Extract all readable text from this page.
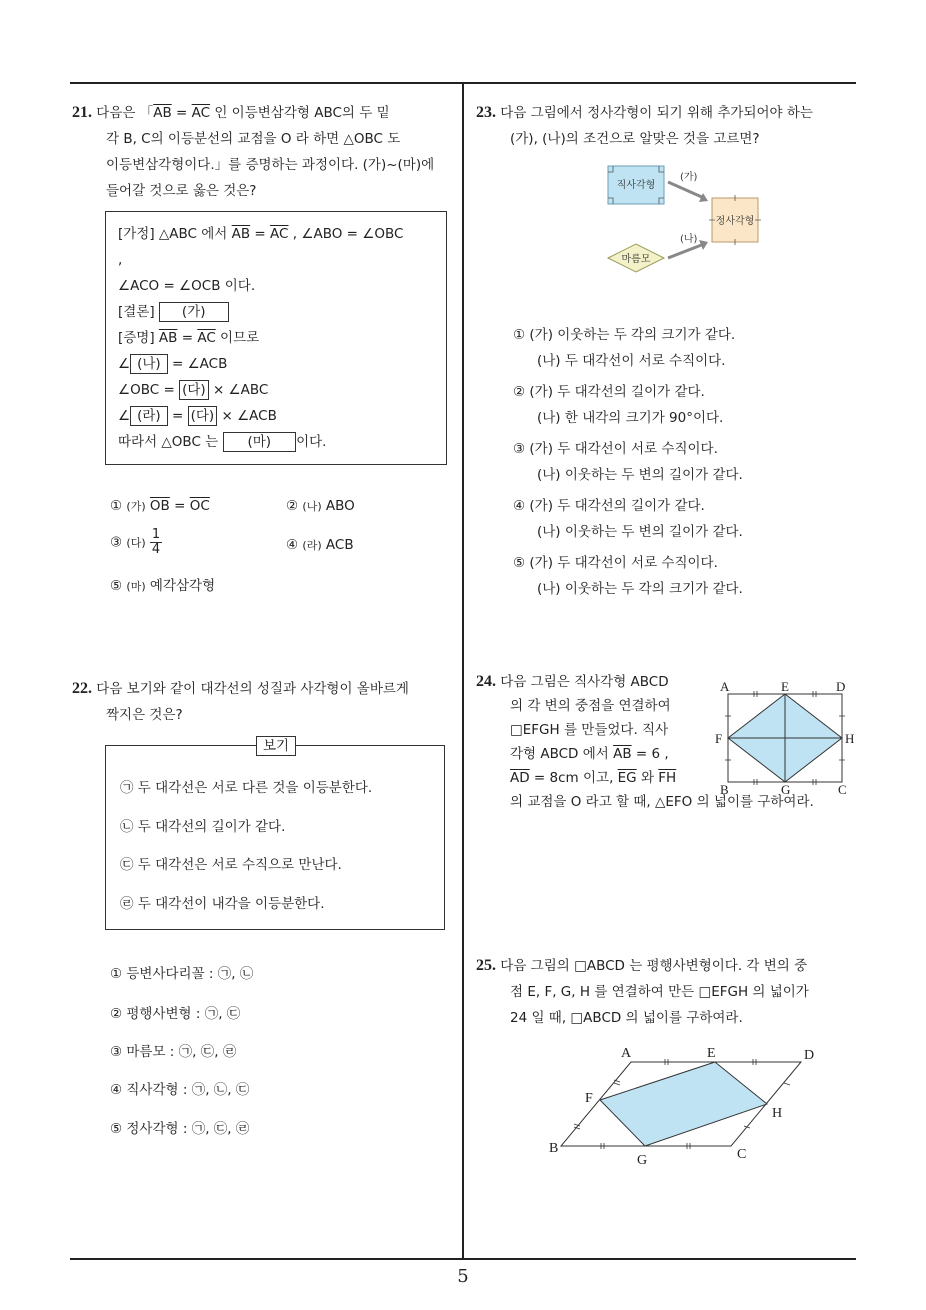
21. 다음은 「$\overline{AB} = \overline{AC}$ 인 이등변삼각형 ABC의 두 밑
각 B, C의 이등분선의 교점을 O 라 하면 △OBC 도
이등변삼각형이다.」를 증명하는 과정이다. (가)~(마)에
들어갈 것으로 옳은 것은?
[가정] △ABC 에서 $\overline{AB} = \overline{AC}$ , ∠ABO = ∠OBC
,
∠ACO = ∠OCB 이다.
[결론] (가)
[증명] $\overline{AB} = \overline{AC}$ 이므로
∠ (나) = ∠ACB
∠OBC = (다) × ∠ABC
∠ (라) = (다) × ∠ACB
따라서 △OBC 는 (마) 이다.
① (가) $\overline{OB} = \overline{OC}$	② (나) ABO
③ (다) $\frac{1}{4}$	④ (라) ACB
⑤ (마) 예각삼각형
22. 다음 보기와 같이 대각선의 성질과 사각형이 올바르게
짝지은 것은?
보기
㉠ 두 대각선은 서로 다른 것을 이등분한다.
㉡ 두 대각선의 길이가 같다.
㉢ 두 대각선은 서로 수직으로 만난다.
㉣ 두 대각선이 내각을 이등분한다.
① 등변사다리꼴 : ㉠, ㉡
② 평행사변형 : ㉠, ㉢
③ 마름모 : ㉠, ㉢, ㉣
④ 직사각형 : ㉠, ㉡, ㉢
⑤ 정사각형 : ㉠, ㉢, ㉣
23. 다음 그림에서 정사각형이 되기 위해 추가되어야 하는
(가), (나)의 조건으로 알맞은 것을 고르면?
직사각형
정사각형
마름모
(가)
(나)
① (가) 이웃하는 두 각의 크기가 같다.
(나) 두 대각선이 서로 수직이다.
② (가) 두 대각선의 길이가 같다.
(나) 한 내각의 크기가 90°이다.
③ (가) 두 대각선이 서로 수직이다.
(나) 이웃하는 두 변의 길이가 같다.
④ (가) 두 대각선의 길이가 같다.
(나) 이웃하는 두 변의 길이가 같다.
⑤ (가) 두 대각선이 서로 수직이다.
(나) 이웃하는 두 각의 크기가 같다.
24. 다음 그림은 직사각형 ABCD
의 각 변의 중점을 연결하여
□EFGH 를 만들었다. 직사
각형 ABCD 에서 $\overline{AB} = 6$ ,
$\overline{AD} = 8cm$ 이고, $\overline{EG}$ 와 $\overline{FH}$
의 교점을 O 라고 할 때, △EFO 의 넓이를 구하여라.
A	E	D
F	H
B	G	C
25. 다음 그림의 □ABCD 는 평행사변형이다. 각 변의 중
점 E, F, G, H 를 연결하여 만든 □EFGH 의 넓이가
24 일 때, □ABCD 의 넓이를 구하여라.
A	E	D
F
H
B
G	C
5
